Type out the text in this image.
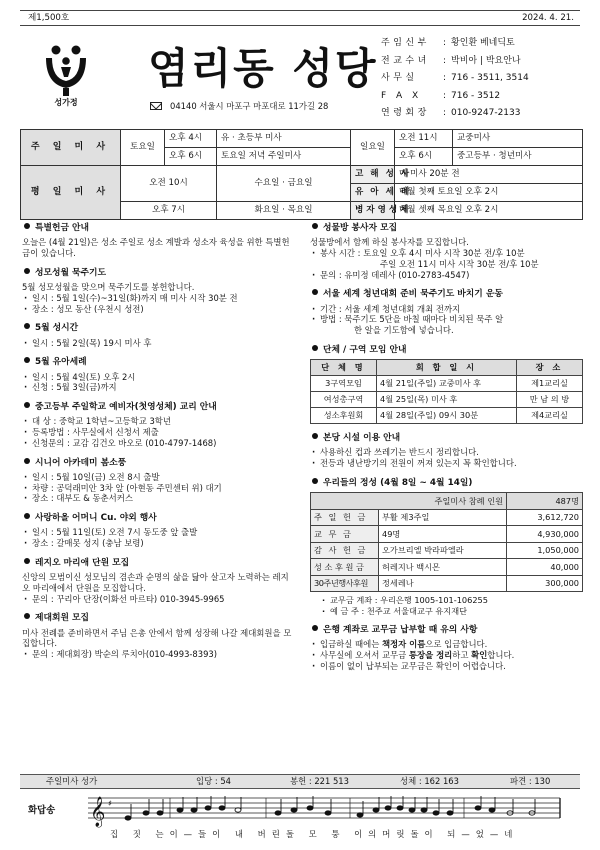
제1,500호	2024. 4. 21.
성가정
염리동 성당
04140 서울시 마포구 마포대로 11가길 28
주임신부 : 황인환 베네딕토
전교수녀 : 박비아 | 박요안나
사무실	: 716 - 3511, 3514
F A X : 716 - 3512
연령회장 : 010-9247-2133
주 일 미 사	토요일	오후 4시	유 · 초등부 미사	일요일	오전 11시	교중미사
		오후 6시	토요일 저녁 주일미사		오후 6시	중고등부 · 청년미사
평 일 미 사	오전 10시		수요일 · 금요일	고 해 성 사	매 미사 20분 전	
				유 아 세 례	매월 첫째 토요일 오후 2시	
	오후 7시		화요일 · 목요일	병 자 영 성 체	매월 셋째 목요일 오후 2시	
특별헌금 안내

오늘은 (4월 21일)은 성소 주일로 성소 계발과 성소자 육성을 위한 특별헌금이 있습니다.

성모성월 묵주기도

5월 성모성월을 맞으며 묵주기도를 봉헌합니다.

· 일시 : 5월 1일(수)~31일(화)까지 매 미사 시작 30분 전
· 장소 : 성모 동산 (우천시 성전)
5월 성시간
· 일시 : 5월 2일(목) 19시 미사 후
5월 유아세례
· 일시 : 5월 4일(토) 오후 2시
· 신청 : 5월 3일(금)까지
중고등부 주일학교 예비자(첫영성체) 교리 안내
· 대 상 : 중학교 1학년~고등학교 3학년
· 등록방법 : 사무실에서 신청서 제출
· 신청문의 : 교감 김건오 바오로 (010-4797-1468)
시니어 아카데미 봄소풍
· 일시 : 5월 10일(금) 오전 8시 출발
· 차량 : 공덕래미안 3차 앞 (아현동 주민센터 위) 대기
· 장소 : 대부도 & 동춘서커스
사랑하올 어머니 Cu. 야외 행사
· 일시 : 5월 11일(토) 오전 7시 동도중 앞 출발
· 장소 : 갈매못 성지 (충남 보령)
레지오 마리애 단원 모집

신앙의 모범이신 성모님의 겸손과 순명의 삶을 닮아 살고자 노력하는 레지오 마리애에서 단원을 모집합니다.

· 문의 : 꾸리아 단장(이화선 마르타) 010-3945-9965
제대회원 모집

미사 전례를 준비하면서 주님 은총 안에서 함께 성장해 나갈 제대회원을 모집합니다.

· 문의 : 제대회장) 박순의 루치아(010-4993-8393)
성물방 봉사자 모집

성물방에서 함께 하실 봉사자를 모집합니다.

· 봉사 시간 : 토요일 오후 4시 미사 시작 30분 전/후 10분
주일 오전 11시 미사 시작 30분 전/후 10분
· 문의 : 유미정 데레사 (010-2783-4547)
서울 세계 청년대회 준비 묵주기도 바치기 운동
· 기간 : 서울 세계 청년대회 개최 전까지
· 방법 : 묵주기도 5단을 바칠 때마다 비치된 묵주 알
한 알을 기도함에 넣습니다.
단체 / 구역 모임 안내
단 체 명	회 합 일 시	장 소
3구역모임	4월 21일(주일) 교중미사 후	제1교리실
여성총구역	4월 25일(목) 미사 후	만 남 의 방
성소후원회	4월 28일(주일) 09시 30분	제4교리실
본당 시설 이용 안내
· 사용하신 컵과 쓰레기는 반드시 정리합니다.
· 전등과 냉난방기의 전원이 꺼져 있는지 꼭 확인합니다.
우리들의 정성 (4월 8일 ~ 4월 14일)
주일미사 참례 인원		487명
주 일 헌 금	부활 제3주일	3,612,720
교 무 금	49명	4,930,000
감 사 헌 금	오가브리엘 박라파엘라	1,050,000
성 소 후 원 금	허레지나 백시몬	40,000
30주년행사후원	정세레나	300,000
· 교무금 계좌 : 우리은행 1005-101-106255
· 예 금 주 : 천주교 서울대교구 유지재단
은행 계좌로 교무금 납부할 때 유의 사항
· 입금하실 때에는 책정자 이름으로 입금합니다.
· 사무실에 오셔서 교무금 통장을 정리하고 확인합니다.
· 이름이 없이 납부되는 교무금은 확인이 어렵습니다.
주일미사 성가	입당 : 54	봉헌 : 221 513	성체 : 162 163	파견 : 130
화답송 𝄞 ♯
집 짓 는이—들이 내 버린돌 모 퉁 이의머릿돌이 되—었—네
